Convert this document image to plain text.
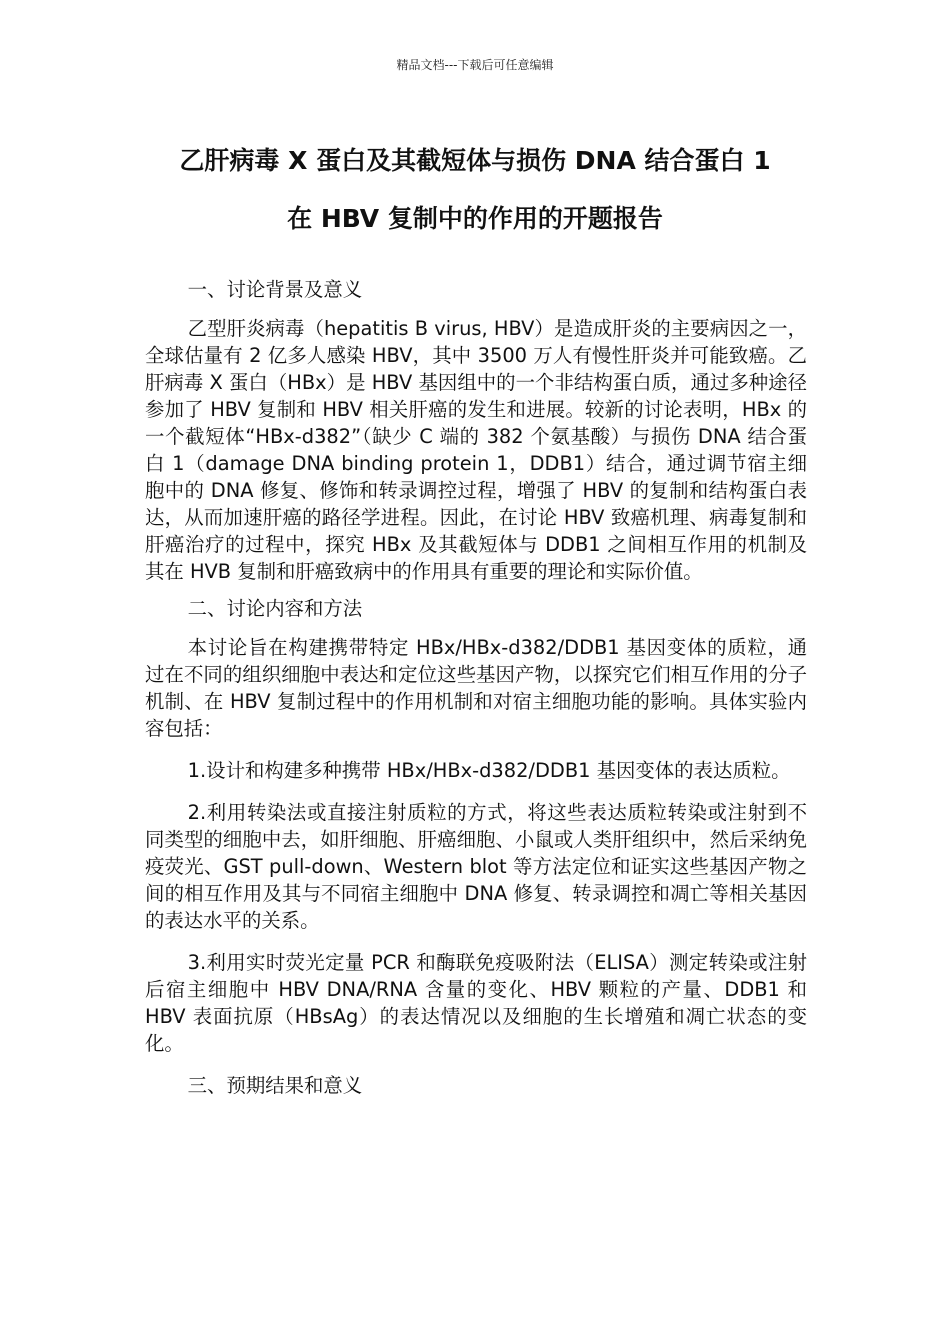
精品文档---下载后可任意编辑
乙肝病毒 X 蛋白及其截短体与损伤 DNA 结合蛋白 1
在 HBV 复制中的作用的开题报告

一、讨论背景及意义

乙型肝炎病毒（hepatitis B virus, HBV）是造成肝炎的主要病因之一，全球估量有 2 亿多人感染 HBV，其中 3500 万人有慢性肝炎并可能致癌。乙肝病毒 X 蛋白（HBx）是 HBV 基因组中的一个非结构蛋白质，通过多种途径参加了 HBV 复制和 HBV 相关肝癌的发生和进展。较新的讨论表明，HBx 的一个截短体“HBx-d382”（缺少 C 端的 382 个氨基酸）与损伤 DNA 结合蛋白 1（damage DNA binding protein 1，DDB1）结合，通过调节宿主细胞中的 DNA 修复、修饰和转录调控过程，增强了 HBV 的复制和结构蛋白表达，从而加速肝癌的路径学进程。因此，在讨论 HBV 致癌机理、病毒复制和肝癌治疗的过程中，探究 HBx 及其截短体与 DDB1 之间相互作用的机制及其在 HVB 复制和肝癌致病中的作用具有重要的理论和实际价值。

二、讨论内容和方法

本讨论旨在构建携带特定 HBx/HBx-d382/DDB1 基因变体的质粒，通过在不同的组织细胞中表达和定位这些基因产物，以探究它们相互作用的分子机制、在 HBV 复制过程中的作用机制和对宿主细胞功能的影响。具体实验内容包括：

1.设计和构建多种携带 HBx/HBx-d382/DDB1 基因变体的表达质粒。

2.利用转染法或直接注射质粒的方式，将这些表达质粒转染或注射到不同类型的细胞中去，如肝细胞、肝癌细胞、小鼠或人类肝组织中，然后采纳免疫荧光、GST pull-down、Western blot 等方法定位和证实这些基因产物之间的相互作用及其与不同宿主细胞中 DNA 修复、转录调控和凋亡等相关基因的表达水平的关系。

3.利用实时荧光定量 PCR 和酶联免疫吸附法（ELISA）测定转染或注射后宿主细胞中 HBV DNA/RNA 含量的变化、HBV 颗粒的产量、DDB1 和 HBV 表面抗原（HBsAg）的表达情况以及细胞的生长增殖和凋亡状态的变化。

三、预期结果和意义
